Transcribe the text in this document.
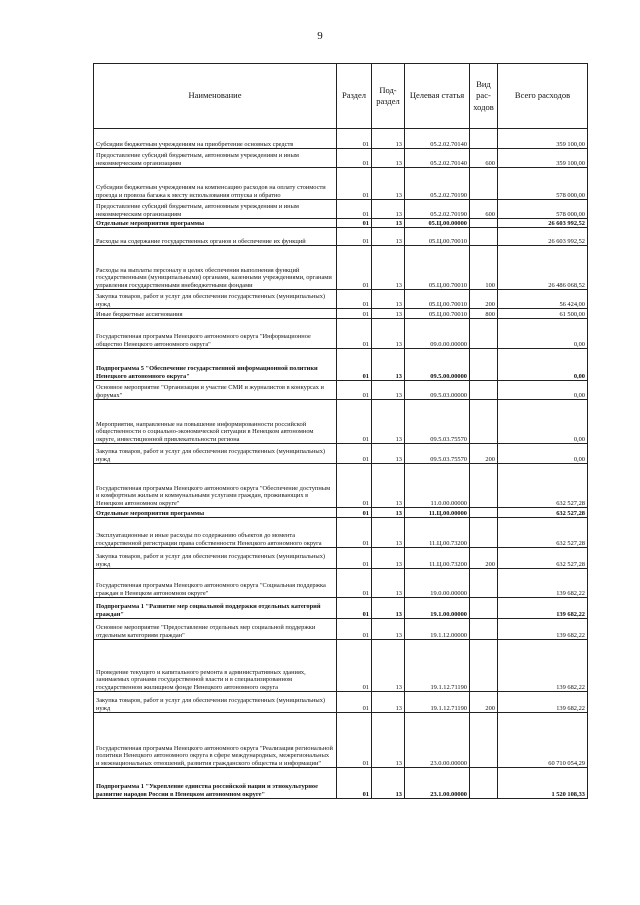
9
Наименование	Раздел	Под-раздел	Целевая статья	Вид рас-ходов	Всего расходов
Субсидии бюджетным учреждениям на приобретение основных средств	01	13	05.2.02.70140		359 100,00
Предоставление субсидий бюджетным, автономным учреждениям и иным некоммерческим организациям	01	13	05.2.02.70140	600	359 100,00
Субсидии бюджетным учреждениям на компенсацию расходов на оплату стоимости проезда и провоза багажа к месту использования отпуска и обратно	01	13	05.2.02.70190		578 000,00
Предоставление субсидий бюджетным, автономным учреждениям и иным некоммерческим организациям	01	13	05.2.02.70190	600	578 000,00
Отдельные мероприятия программы	01	13	05.Ц.00.00000		26 603 992,52
Расходы на содержание государственных органов и обеспечение их функций	01	13	05.Ц.00.70010		26 603 992,52
Расходы на выплаты персоналу в целях обеспечения выполнения функций государственными (муниципальными) органами, казенными учреждениями, органами управления государственными внебюджетными фондами	01	13	05.Ц.00.70010	100	26 486 068,52
Закупка товаров, работ и услуг для обеспечения государственных (муниципальных) нужд	01	13	05.Ц.00.70010	200	56 424,00
Иные бюджетные ассигнования	01	13	05.Ц.00.70010	800	61 500,00
Государственная программа Ненецкого автономного округа "Информационное общество Ненецкого автономного округа"	01	13	09.0.00.00000		0,00
Подпрограмма 5 "Обеспечение государственной информационной политики Ненецкого автономного округа"	01	13	09.5.00.00000		0,00
Основное мероприятие "Организация и участие СМИ и журналистов в конкурсах и форумах"	01	13	09.5.03.00000		0,00
Мероприятия, направленные на повышение информированности российской общественности о социально-экономической ситуации в Ненецком автономном округе, инвестиционной привлекательности региона	01	13	09.5.03.75570		0,00
Закупка товаров, работ и услуг для обеспечения государственных (муниципальных) нужд	01	13	09.5.03.75570	200	0,00
Государственная программа Ненецкого автономного округа "Обеспечение доступным и комфортным жильем и коммунальными услугами граждан, проживающих в Ненецком автономном округе"	01	13	11.0.00.00000		632 527,28
Отдельные мероприятия программы	01	13	11.Ц.00.00000		632 527,28
Эксплуатационные и иные расходы по содержанию объектов до момента государственной регистрации права собственности Ненецкого автономного округа	01	13	11.Ц.00.73200		632 527,28
Закупка товаров, работ и услуг для обеспечения государственных (муниципальных) нужд	01	13	11.Ц.00.73200	200	632 527,28
Государственная программа Ненецкого автономного округа "Социальная поддержка граждан в Ненецком автономном округе"	01	13	19.0.00.00000		139 682,22
Подпрограмма 1 "Развитие мер социальной поддержки отдельных категорий граждан"	01	13	19.1.00.00000		139 682,22
Основное мероприятие "Предоставление отдельных мер социальной поддержки отдельным категориям граждан"	01	13	19.1.12.00000		139 682,22
Проведение текущего и капитального ремонта в административных зданиях, занимаемых органами государственной власти и в специализированном государственном жилищном фонде Ненецкого автономного округа	01	13	19.1.12.71190		139 682,22
Закупка товаров, работ и услуг для обеспечения государственных (муниципальных) нужд	01	13	19.1.12.71190	200	139 682,22
Государственная программа Ненецкого автономного округа "Реализация региональной политики Ненецкого автономного округа в сфере международных, межрегиональных и межнациональных отношений, развития гражданского общества и информации"	01	13	23.0.00.00000		60 710 054,29
Подпрограмма 1 "Укрепление единства российской нации и этнокультурное развитие народов России в Ненецком автономном округе"	01	13	23.1.00.00000		1 520 108,33
